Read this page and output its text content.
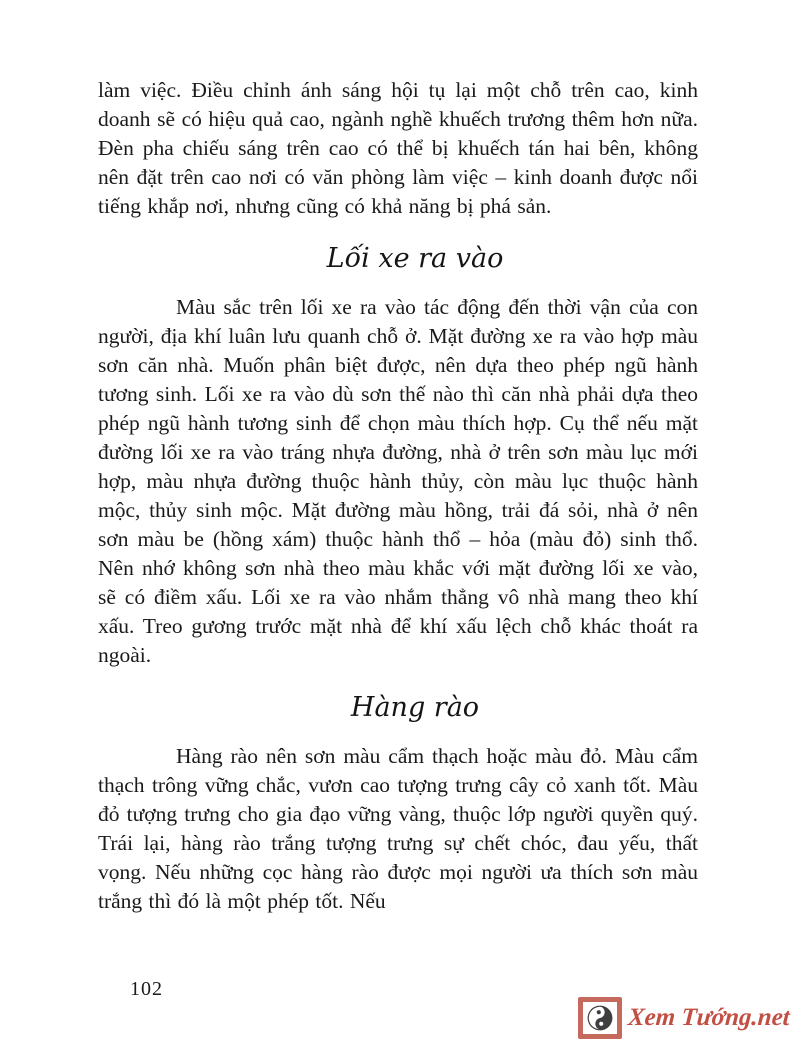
làm việc. Điều chỉnh ánh sáng hội tụ lại một chỗ trên cao, kinh doanh sẽ có hiệu quả cao, ngành nghề khuếch trương thêm hơn nữa. Đèn pha chiếu sáng trên cao có thể bị khuếch tán hai bên, không nên đặt trên cao nơi có văn phòng làm việc – kinh doanh được nổi tiếng khắp nơi, nhưng cũng có khả năng bị phá sản.

Lối xe ra vào

Màu sắc trên lối xe ra vào tác động đến thời vận của con người, địa khí luân lưu quanh chỗ ở. Mặt đường xe ra vào hợp màu sơn căn nhà. Muốn phân biệt được, nên dựa theo phép ngũ hành tương sinh. Lối xe ra vào dù sơn thế nào thì căn nhà phải dựa theo phép ngũ hành tương sinh để chọn màu thích hợp. Cụ thể nếu mặt đường lối xe ra vào tráng nhựa đường, nhà ở trên sơn màu lục mới hợp, màu nhựa đường thuộc hành thủy, còn màu lục thuộc hành mộc, thủy sinh mộc. Mặt đường màu hồng, trải đá sỏi, nhà ở nên sơn màu be (hồng xám) thuộc hành thổ – hỏa (màu đỏ) sinh thổ. Nên nhớ không sơn nhà theo màu khắc với mặt đường lối xe vào, sẽ có điềm xấu. Lối xe ra vào nhắm thẳng vô nhà mang theo khí xấu. Treo gương trước mặt nhà để khí xấu lệch chỗ khác thoát ra ngoài.

Hàng rào

Hàng rào nên sơn màu cẩm thạch hoặc màu đỏ. Màu cẩm thạch trông vững chắc, vươn cao tượng trưng cây cỏ xanh tốt. Màu đỏ tượng trưng cho gia đạo vững vàng, thuộc lớp người quyền quý. Trái lại, hàng rào trắng tượng trưng sự chết chóc, đau yếu, thất vọng. Nếu những cọc hàng rào được mọi người ưa thích sơn màu trắng thì đó là một phép tốt. Nếu

102
Xem Tướng.net
